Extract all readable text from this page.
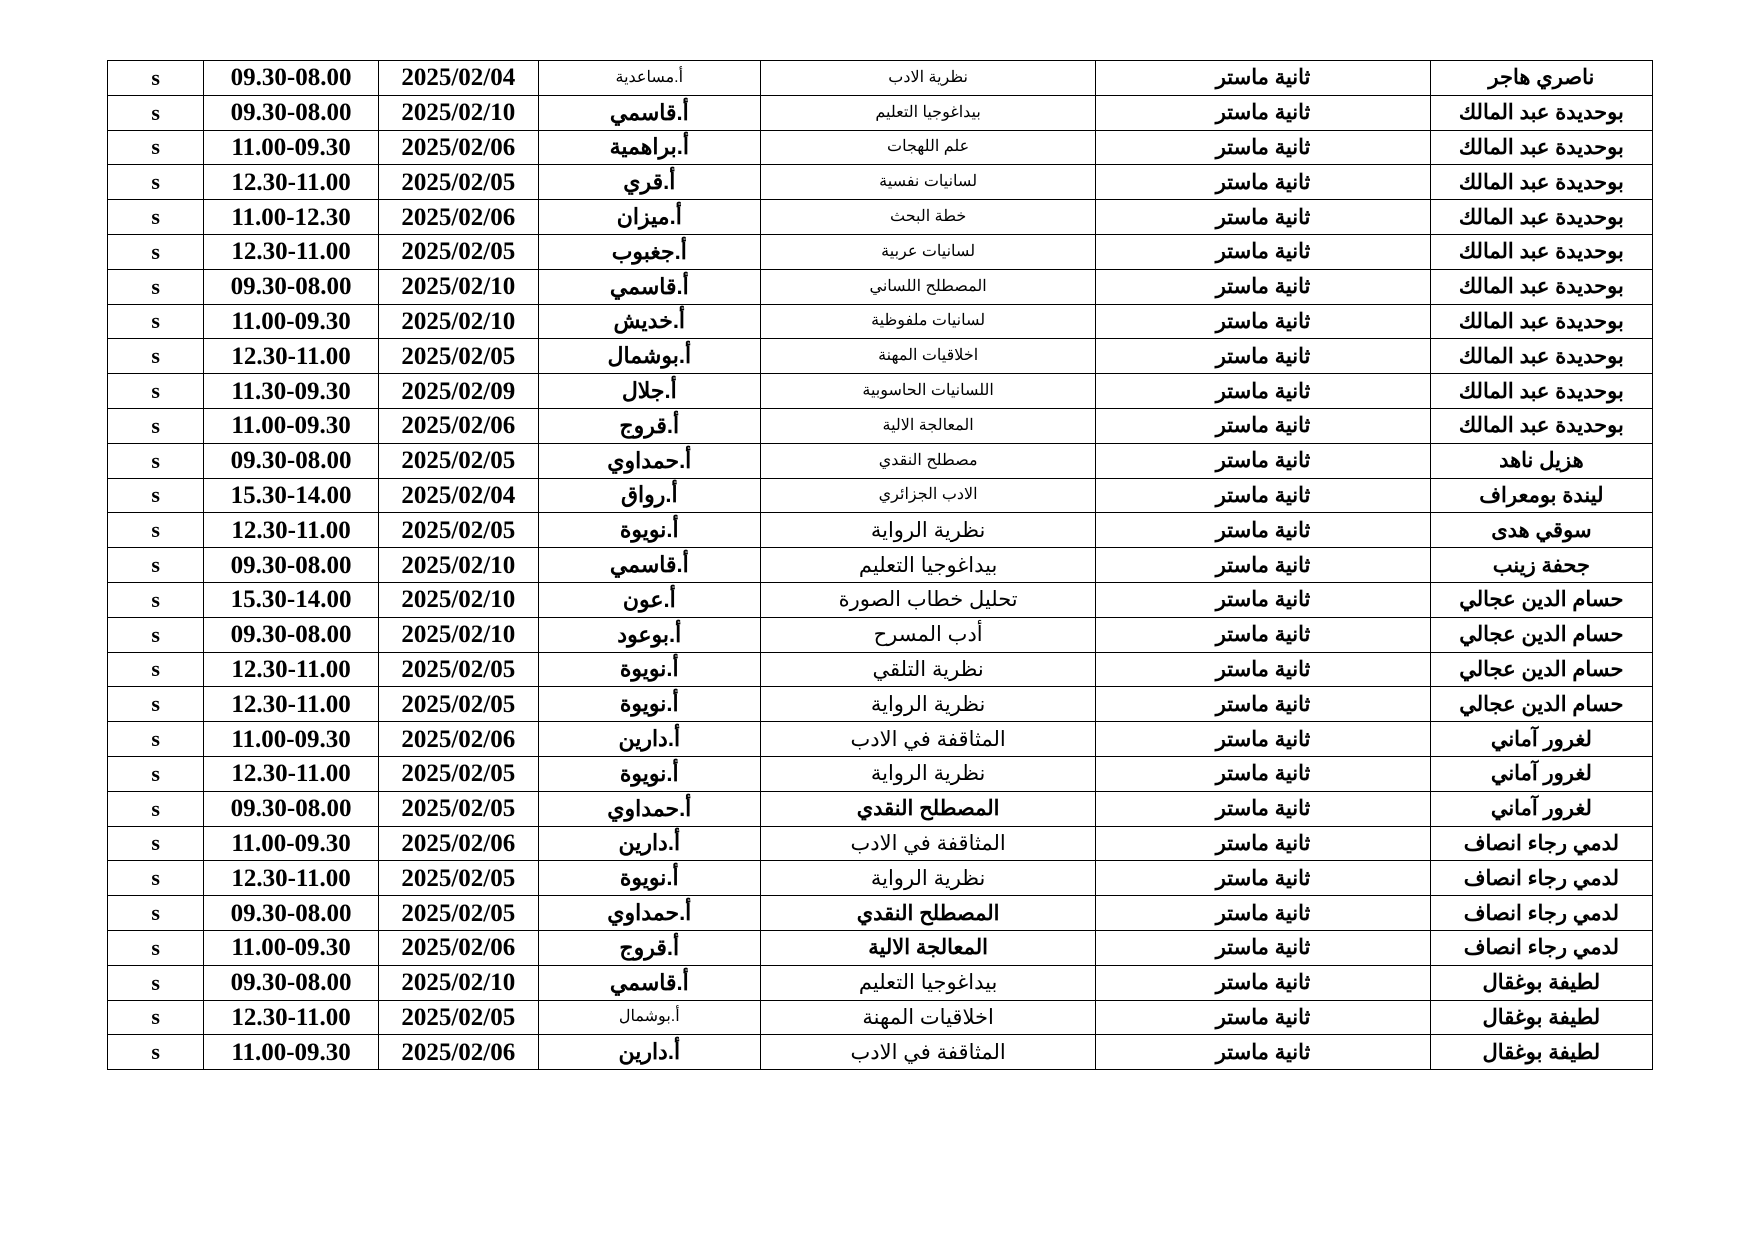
s	09.30-08.00	2025/02/04	أ.مساعدية	نظرية الادب	ثانية ماستر	ناصري هاجر
s	09.30-08.00	2025/02/10	أ.قاسمي	بيداغوجيا التعليم	ثانية ماستر	بوحديدة عبد المالك
s	11.00-09.30	2025/02/06	أ.براهمية	علم اللهجات	ثانية ماستر	بوحديدة عبد المالك
s	12.30-11.00	2025/02/05	أ.قري	لسانيات نفسية	ثانية ماستر	بوحديدة عبد المالك
s	11.00-12.30	2025/02/06	أ.ميزان	خطة البحث	ثانية ماستر	بوحديدة عبد المالك
s	12.30-11.00	2025/02/05	أ.جغبوب	لسانيات عربية	ثانية ماستر	بوحديدة عبد المالك
s	09.30-08.00	2025/02/10	أ.قاسمي	المصطلح اللساني	ثانية ماستر	بوحديدة عبد المالك
s	11.00-09.30	2025/02/10	أ.خديش	لسانيات ملفوظية	ثانية ماستر	بوحديدة عبد المالك
s	12.30-11.00	2025/02/05	أ.بوشمال	اخلاقيات المهنة	ثانية ماستر	بوحديدة عبد المالك
s	11.30-09.30	2025/02/09	أ.جلال	اللسانيات الحاسوبية	ثانية ماستر	بوحديدة عبد المالك
s	11.00-09.30	2025/02/06	أ.قروج	المعالجة الالية	ثانية ماستر	بوحديدة عبد المالك
s	09.30-08.00	2025/02/05	أ.حمداوي	مصطلح النقدي	ثانية ماستر	هزيل ناهد
s	15.30-14.00	2025/02/04	أ.رواق	الادب الجزائري	ثانية ماستر	ليندة بومعراف
s	12.30-11.00	2025/02/05	أ.نويوة	نظرية الرواية	ثانية ماستر	سوقي هدى
s	09.30-08.00	2025/02/10	أ.قاسمي	بيداغوجيا التعليم	ثانية ماستر	جحفة زينب
s	15.30-14.00	2025/02/10	أ.عون	تحليل خطاب الصورة	ثانية ماستر	حسام الدين عجالي
s	09.30-08.00	2025/02/10	أ.بوعود	أدب المسرح	ثانية ماستر	حسام الدين عجالي
s	12.30-11.00	2025/02/05	أ.نويوة	نظرية التلقي	ثانية ماستر	حسام الدين عجالي
s	12.30-11.00	2025/02/05	أ.نويوة	نظرية الرواية	ثانية ماستر	حسام الدين عجالي
s	11.00-09.30	2025/02/06	أ.دارين	المثاقفة في الادب	ثانية ماستر	لغرور آماني
s	12.30-11.00	2025/02/05	أ.نويوة	نظرية الرواية	ثانية ماستر	لغرور آماني
s	09.30-08.00	2025/02/05	أ.حمداوي	المصطلح النقدي	ثانية ماستر	لغرور آماني
s	11.00-09.30	2025/02/06	أ.دارين	المثاقفة في الادب	ثانية ماستر	لدمي رجاء انصاف
s	12.30-11.00	2025/02/05	أ.نويوة	نظرية الرواية	ثانية ماستر	لدمي رجاء انصاف
s	09.30-08.00	2025/02/05	أ.حمداوي	المصطلح النقدي	ثانية ماستر	لدمي رجاء انصاف
s	11.00-09.30	2025/02/06	أ.قروج	المعالجة الالية	ثانية ماستر	لدمي رجاء انصاف
s	09.30-08.00	2025/02/10	أ.قاسمي	بيداغوجيا التعليم	ثانية ماستر	لطيفة بوغقال
s	12.30-11.00	2025/02/05	أ.بوشمال	اخلاقيات المهنة	ثانية ماستر	لطيفة بوغقال
s	11.00-09.30	2025/02/06	أ.دارين	المثاقفة في الادب	ثانية ماستر	لطيفة بوغقال
